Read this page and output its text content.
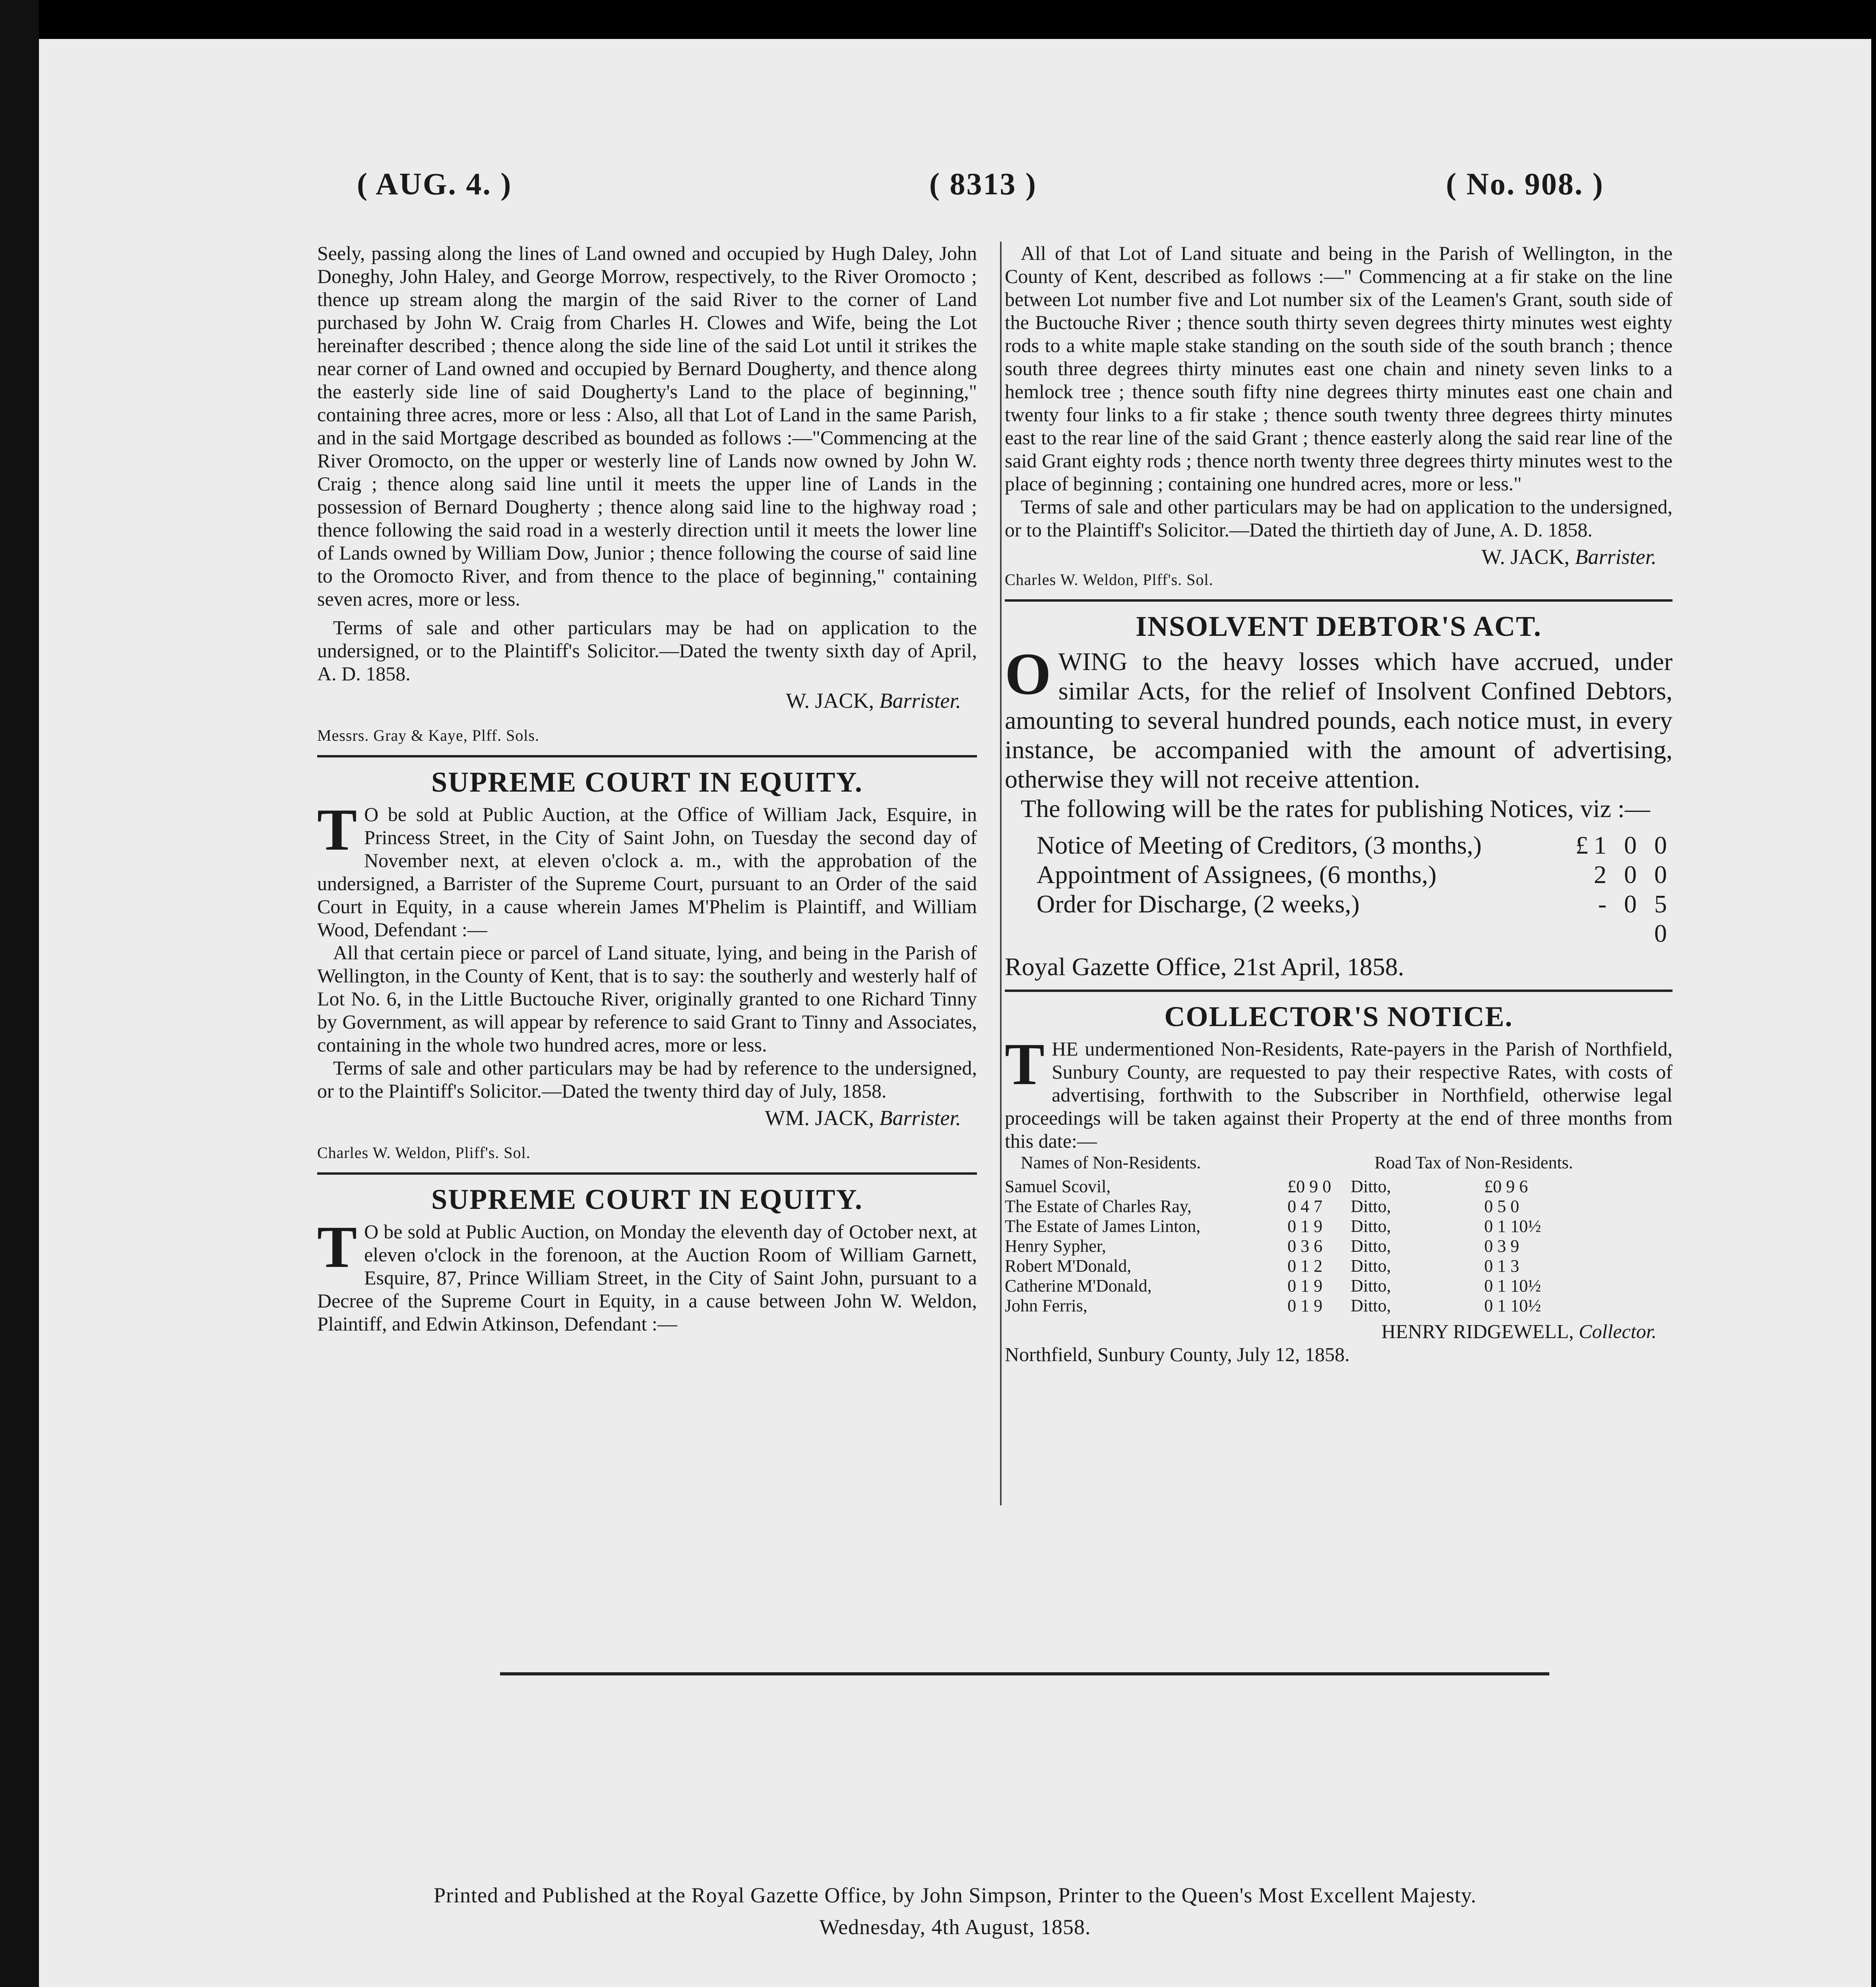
( AUG. 4. )	( 8313 )	( No. 908. )

Seely, passing along the lines of Land owned and occupied by Hugh Daley, John Doneghy, John Haley, and George Morrow, respectively, to the River Oromocto ; thence up stream along the margin of the said River to the corner of Land purchased by John W. Craig from Charles H. Clowes and Wife, being the Lot hereinafter described ; thence along the side line of the said Lot until it strikes the near corner of Land owned and occupied by Bernard Dougherty, and thence along the easterly side line of said Dougherty's Land to the place of beginning," containing three acres, more or less : Also, all that Lot of Land in the same Parish, and in the said Mortgage described as bounded as follows :—"Commencing at the River Oromocto, on the upper or westerly line of Lands now owned by John W. Craig ; thence along said line until it meets the upper line of Lands in the possession of Bernard Dougherty ; thence along said line to the highway road ; thence following the said road in a westerly direction until it meets the lower line of Lands owned by William Dow, Junior ; thence following the course of said line to the Oromocto River, and from thence to the place of beginning," containing seven acres, more or less.

Terms of sale and other particulars may be had on application to the undersigned, or to the Plaintiff's Solicitor.—Dated the twenty sixth day of April, A. D. 1858.

W. JACK, Barrister.
Messrs. Gray & Kaye, Plff. Sols.
SUPREME COURT IN EQUITY.

T O be sold at Public Auction, at the Office of William Jack, Esquire, in Princess Street, in the City of Saint John, on Tuesday the second day of November next, at eleven o'clock a. m., with the approbation of the undersigned, a Barrister of the Supreme Court, pursuant to an Order of the said Court in Equity, in a cause wherein James M'Phelim is Plaintiff, and William Wood, Defendant :—

All that certain piece or parcel of Land situate, lying, and being in the Parish of Wellington, in the County of Kent, that is to say: the southerly and westerly half of Lot No. 6, in the Little Buctouche River, originally granted to one Richard Tinny by Government, as will appear by reference to said Grant to Tinny and Associates, containing in the whole two hundred acres, more or less.

Terms of sale and other particulars may be had by reference to the undersigned, or to the Plaintiff's Solicitor.—Dated the twenty third day of July, 1858.

WM. JACK, Barrister.
Charles W. Weldon, Pliff's. Sol.
SUPREME COURT IN EQUITY.

T O be sold at Public Auction, on Monday the eleventh day of October next, at eleven o'clock in the forenoon, at the Auction Room of William Garnett, Esquire, 87, Prince William Street, in the City of Saint John, pursuant to a Decree of the Supreme Court in Equity, in a cause between John W. Weldon, Plaintiff, and Edwin Atkinson, Defendant :—

All of that Lot of Land situate and being in the Parish of Wellington, in the County of Kent, described as follows :—" Commencing at a fir stake on the line between Lot number five and Lot number six of the Leamen's Grant, south side of the Buctouche River ; thence south thirty seven degrees thirty minutes west eighty rods to a white maple stake standing on the south side of the south branch ; thence south three degrees thirty minutes east one chain and ninety seven links to a hemlock tree ; thence south fifty nine degrees thirty minutes east one chain and twenty four links to a fir stake ; thence south twenty three degrees thirty minutes east to the rear line of the said Grant ; thence easterly along the said rear line of the said Grant eighty rods ; thence north twenty three degrees thirty minutes west to the place of beginning ; containing one hundred acres, more or less."

Terms of sale and other particulars may be had on application to the undersigned, or to the Plaintiff's Solicitor.—Dated the thirtieth day of June, A. D. 1858.

W. JACK, Barrister.
Charles W. Weldon, Plff's. Sol.
INSOLVENT DEBTOR'S ACT.

OWING to the heavy losses which have accrued, under similar Acts, for the relief of Insolvent Confined Debtors, amounting to several hundred pounds, each notice must, in every instance, be accompanied with the amount of advertising, otherwise they will not receive attention.

The following will be the rates for publishing Notices, viz :—

Notice of Meeting of Creditors, (3 months,)	£1 0 0
Appointment of Assignees, (6 months,)	2 0 0
Order for Discharge, (2 weeks,)	- 0 5 0

Royal Gazette Office, 21st April, 1858.

COLLECTOR'S NOTICE.

THE undermentioned Non-Residents, Rate-payers in the Parish of Northfield, Sunbury County, are requested to pay their respective Rates, with costs of advertising, forthwith to the Subscriber in Northfield, otherwise legal proceedings will be taken against their Property at the end of three months from this date:—

Names of Non-Residents.		Road Tax of Non-Residents.	
Samuel Scovil,	£0 9 0	Ditto,	£0 9 6
The Estate of Charles Ray,	0 4 7	Ditto,	0 5 0
The Estate of James Linton,	0 1 9	Ditto,	0 1 10½
Henry Sypher,	0 3 6	Ditto,	0 3 9
Robert M'Donald,	0 1 2	Ditto,	0 1 3
Catherine M'Donald,	0 1 9	Ditto,	0 1 10½
John Ferris,	0 1 9	Ditto,	0 1 10½
HENRY RIDGEWELL, Collector.

Northfield, Sunbury County, July 12, 1858.

Printed and Published at the Royal Gazette Office, by John Simpson, Printer to the Queen's Most Excellent Majesty.
Wednesday, 4th August, 1858.
